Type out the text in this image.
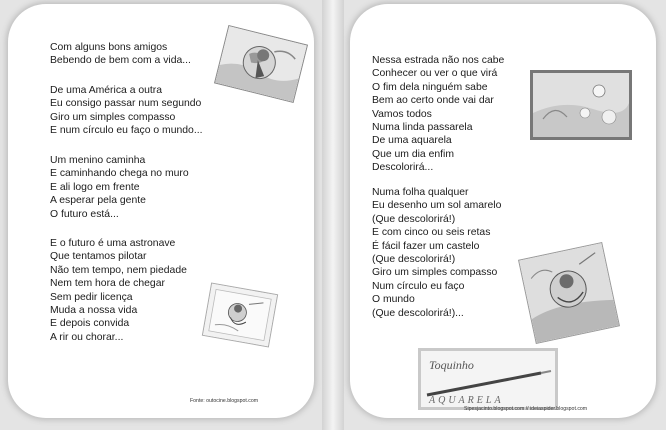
Com alguns bons amigos
Bebendo de bem com a vida...
De uma América a outra
Eu consigo passar num segundo
Giro um simples compasso
E num círculo eu faço o mundo...
Um menino caminha
E caminhando chega no muro
E ali logo em frente
A esperar pela gente
O futuro está...
E o futuro é uma astronave
Que tentamos pilotar
Não tem tempo, nem piedade
Nem tem hora de chegar
Sem pedir licença
Muda a nossa vida
E depois convida
A rir ou chorar...
Fonte: outocine.blogspot.com
Nessa estrada não nos cabe
Conhecer ou ver o que virá
O fim dela ninguém sabe
Bem ao certo onde vai dar
Vamos todos
Numa linda passarela
De uma aquarela
Que um dia enfim
Descolorirá...
Numa folha qualquer
Eu desenho um sol amarelo
(Que descolorirá!)
E com cinco ou seis retas
É fácil fazer um castelo
(Que descolorirá!)
Giro um simples compasso
Num círculo eu faço
O mundo
(Que descolorirá!)...
Toquinho
AQUARELA
Sipesjacinto.blogspot.com // ideiaspider.blogspot.com
